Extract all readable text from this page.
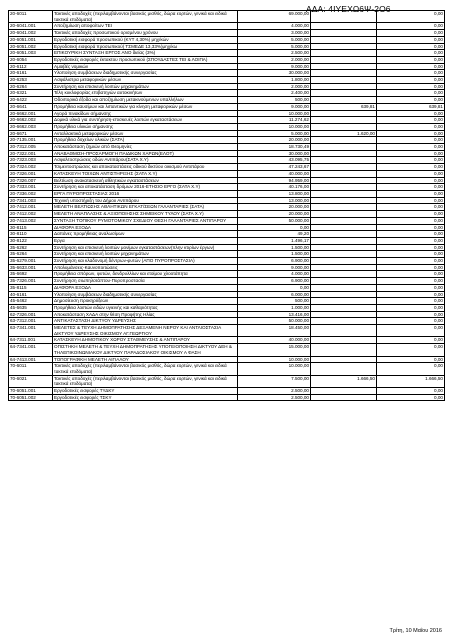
ΑΔΑ: 4ΙΥΕΧΩ6Ψ-2Ο6
20-6011	Τακτικές αποδοχές (περιλαμβάνονται βασικός μισθός, δώρα εορτών, γενικά και ειδικά τακτικά επιδόματα)	69.000,00		0,00
20-6041.001	Αποζημίωση αποφοίτων ΤΕΙ	4.000,00		0,00
20-6041.002	Τακτικές αποδοχές προσωπικού ορισμένου χρόνου	3.000,00		0,00
20-6051.001	Εργοδοτική εισφορά προσωπικού (ΚΥΤ 4,30%) μηχ/κών	5.000,00		0,00
20-6051.002	Εργοδοτική εισφορά προσωπικού( ΤΣΜΕΔΕ 13,33%)μηχ/κω	5.000,00		0,00
20-6051.003	ΕΠΙΚΟΥΡΙΚΗ ΣΥΝΤΑΞΗ ΕΡΓΟΣ ΑΝΟ διείας (3%)	2.500,00		0,00
20-6054	Εργοδοτικές εισφορές έκτακτου προσωπικού (ΣΠΟΥΔΑΣΤΕΣ ΤΕΙ & ΛΟΙΠΑ)	2.000,00		0,00
20-6112	Αμοιβές νομικών	9.000,00		0,00
20-6161	Υλοποίηση συμβάσεων διαδημοτικής συνεργασίας	30.000,00		0,00
20-6253	Ασφάλιστρα μεταφορικών μέσων	1.800,00		0,00
20-6264	Συντήρηση και επισκευή λοιπών μηχανημάτων	2.000,00		0,00
20-6321	Τέλη κυκλοφορίας επιβατηγών αυτοκινήτων	2.400,00		0,00
20-6422	Οδοιπορικά έξοδα και αποζημίωση μετακινούμενων υπαλλήλων	500,00		0,00
20-6641	Προμήθεια καυσίμων και λιπαντικών για κίνηση μεταφορικών μέσων	9.000,00	639,81	639,81
20-6662.001	Αγορά πινακίδων σήμανσης	10.000,00		0,00
20-6662.002	Δομικά υλικά για συντήρηση-επισκευές λοιπών εγκαταστάσεων	11.274,62		0,00
20-6662.003	Προμήθεια υλικών σήμανσης	10.000,00		0,00
20-6671	Ανταλλακτικά μεταφορικών μέσων	5.000,00	1.620,00	0,00
20-7135.001	Προμήθεια δοχείων υλικών (ΣΑΤΑ)	20.000,00		0,00
20-7312.005	Αποκατάσταση ζημιών από Θεομηνίες	18.730,49		0,00
20-7322.001	ΑΝΑΒΑΘΜΙΣΗ-ΠΡΟΣΑΡΜΟΓΗ ΠΑΙΔΙΚΩΝ ΧΑΡΩΝ(ΕΛΟΤ)	30.000,00		0,00
20-7323.003	Ασφαλτοστρώσεις οδών Αντιπάρου(ΣΑΤΑ Χ.Υ)	43.095,75		0,00
20-7324.002	Τσιμεντοστρώσεις και αποκαταστάσεις οδικού δικτύου οικισμού Αντιπάρου	47.243,67		0,00
20-7326.001	ΚΑΤΑΣΚΕΥΗ ΤΟΙΧΩΝ ΑΝΤΙΣΤΗΡΙΞΗΣ (ΣΑΤΑ Χ.Υ)	40.000,00		0,00
20-7326.007	Βελτίωση ανακατασκευή αθλητικών εγκαταστάσεων	94.959,00		0,00
20-7333.001	Συντήρηση και αποκατάσταση δρόμων 2016-ΕΤΗΣΙΟ ΕΡΓΟ (ΣΑΤΑ Χ.Υ)	40.176,00		0,00
20-7336.002	ΕΡΓΑ ΠΥΡΟΠΡΟΣΤΑΣΙΑΣ 2016	13.800,00		0,00
20-7341.003	Τεχνική υποστήριξη του Δήμου Αντιπάρου	13.000,00		0,00
20-7412.001	ΜΕΛΕΤΗ ΒΕΛΤΙΩΣΗΣ ΑΘΛΗΤΙΚΩΝ ΕΓΚΑΤ/ΣΕΩΝ ΓΑΛΑΝΤΑΡΙΕΣ (ΣΑΤΑ)	20.000,00		0,00
20-7412.002	ΜΕΛΕΤΗ ΑΝΑΠΛΑΣΗΣ & ΑΞΙΟΠΟΙΗΣΗΣ ΣΗΜΕΙΚΟΥ ΤΥΛΟΥ (ΣΑΤΑ Χ.Υ)	20.000,00		0,00
20-7413.002	ΣΥΝΤΑΞΗ ΤΟΠΙΚΟΥ ΡΥΜΟΤΟΜΙΚΟΥ ΣΧΕΔΙΟΥ ΘΕΣΗ ΓΑΛΑΝΤΑΡΙΕΣ ΑΝΤΙΠΑΡΟΥ	50.000,00		0,00
30-8115	ΔΙΑΦΟΡΑ ΕΞΟΔΑ	0,00		0,00
30-8110	Δαπάνες προμήθειας αναλωσίμων	49,20		0,00
30-8122	Εργα	1.496,17		0,00
35-6262	Συντήρηση και επισκευή λοιπών μονίμων εγκαταστάσεων(πλην κτιρίων έργων)	1.500,00		0,00
35-6264	Συντήρηση και επισκευή λοιπών μηχανημάτων	1.500,00		0,00
35-6279.001	Συντήρηση και κλαδονομή δέντρων-φυτών (ΑΠΟ ΠΥΡΟΠΡΟΣΤΑΣΙΑ)	6.900,00		0,00
35-6633.001	Απολυμάνσεις-Καυνοποιτώσεις	9.000,00		0,00
35-6692	Προμήθεια σπόρων, φυτών, δενδρυλλίων και ετοίμου χλοοτάπητα	4.000,00		0,00
35-7326.001	Συντήρηση σιωπηλοτάπτου-Πυροπροστασία	6.900,00		0,00
35-8115	ΔΙΑΦΟΡΑ ΕΞΟΔΑ	0,00		0,00
40-6161	Υλοποίηση συμβάσεων διαδημοτικής συνεργασίας	6.000,00		0,00
45-6462	Δημοσίευση προκηρύξεων	500,00		0,00
45-6635	Προμήθεια λοιπών ειδών υγιεινής και καθαριότητας	1.000,00		0,00
62-7326.001	Αποκατάσταση ΧΑΔΑ στην θέση Προφήτης Ηλίας	13.416,00		0,00
63-7312.001	ΑΝΤΙΚΑΤΑΣΤΑΣΗ ΔΙΚΤΥΟΥ ΥΔΡΕΥΣΗΣ	50.000,00		0,00
63-7341.001	ΜΕΛΕΤΕΣ & ΤΕΥΧΗ ΔΗΜΟΠΡΑΤΗΣΗΣ ΔΕΞΑΜΕΝΗ ΝΕΡΟΥ ΚΑΙ ΑΝΤΛΙΟΣΤΑΣΙΑ ΔΙΚΤΥΟΥ ΥΔΡΕΥΣΗΣ ΟΙΚΙΣΜΟΥ ΑΓ.ΓΕΩΡΓΙΟΥ	18.450,00		0,00
64-7311.001	ΚΑΤΑΣΚΕΥΗ ΔΗΜΟΤΙΚΟΥ ΧΩΡΟΥ ΣΤΑΘΜΕΥΣΗΣ & ΑΝΤΙΠΑΡΟΥ	40.000,00		0,00
64-7341.001	ΟΠΙΣΤΗΚΗ ΜΕΛΕΤΗ & ΤΕΥΧΗ ΔΗΜΟΠΡΑΤΗΣΗΣ ΥΠΟΓΕΙΟΠΟΙΗΣΗ ΔΙΚΤΥΟΥ ΔΕΗ & ΤΗΛΕΠΙΚΟΙΝΩΝΙΑΚΟΥ ΔΙΚΤΥΟΥ ΠΑΡΑΔΟΣΙΑΚΟΥ ΟΙΚΙΣΜΟΥ Α ΦΑΣΗ	15.000,00		0,00
64-7413.001	ΤΟΠΟΓΡΑΦΙΚΗ ΜΕΛΕΤΗ ΑΙΓΙΑΛΟΥ	10.000,00		0,00
70-6011	Τακτικές αποδοχές (περιλαμβάνονται βασικός μισθός, δώρα εορτών, γενικά και ειδικά τακτικά επιδόματα)	10.000,00		0,00
70-6021	Τακτικές αποδοχές (περιλαμβάνονται βασικός μισθός, δώρα εορτών, γενικά και ειδικά τακτικά επιδόματα)	7.500,00	1.666,50	1.666,50
70-6051.001	Εργοδοτικές εισφορές ΤΥΔΚΥ	2.500,00		0,00
70-6051.002	Εργοδοτικές εισφορές ΤΣΚΥ	2.500,00		0,00
Τρίτη, 10 Μαΐου 2016
